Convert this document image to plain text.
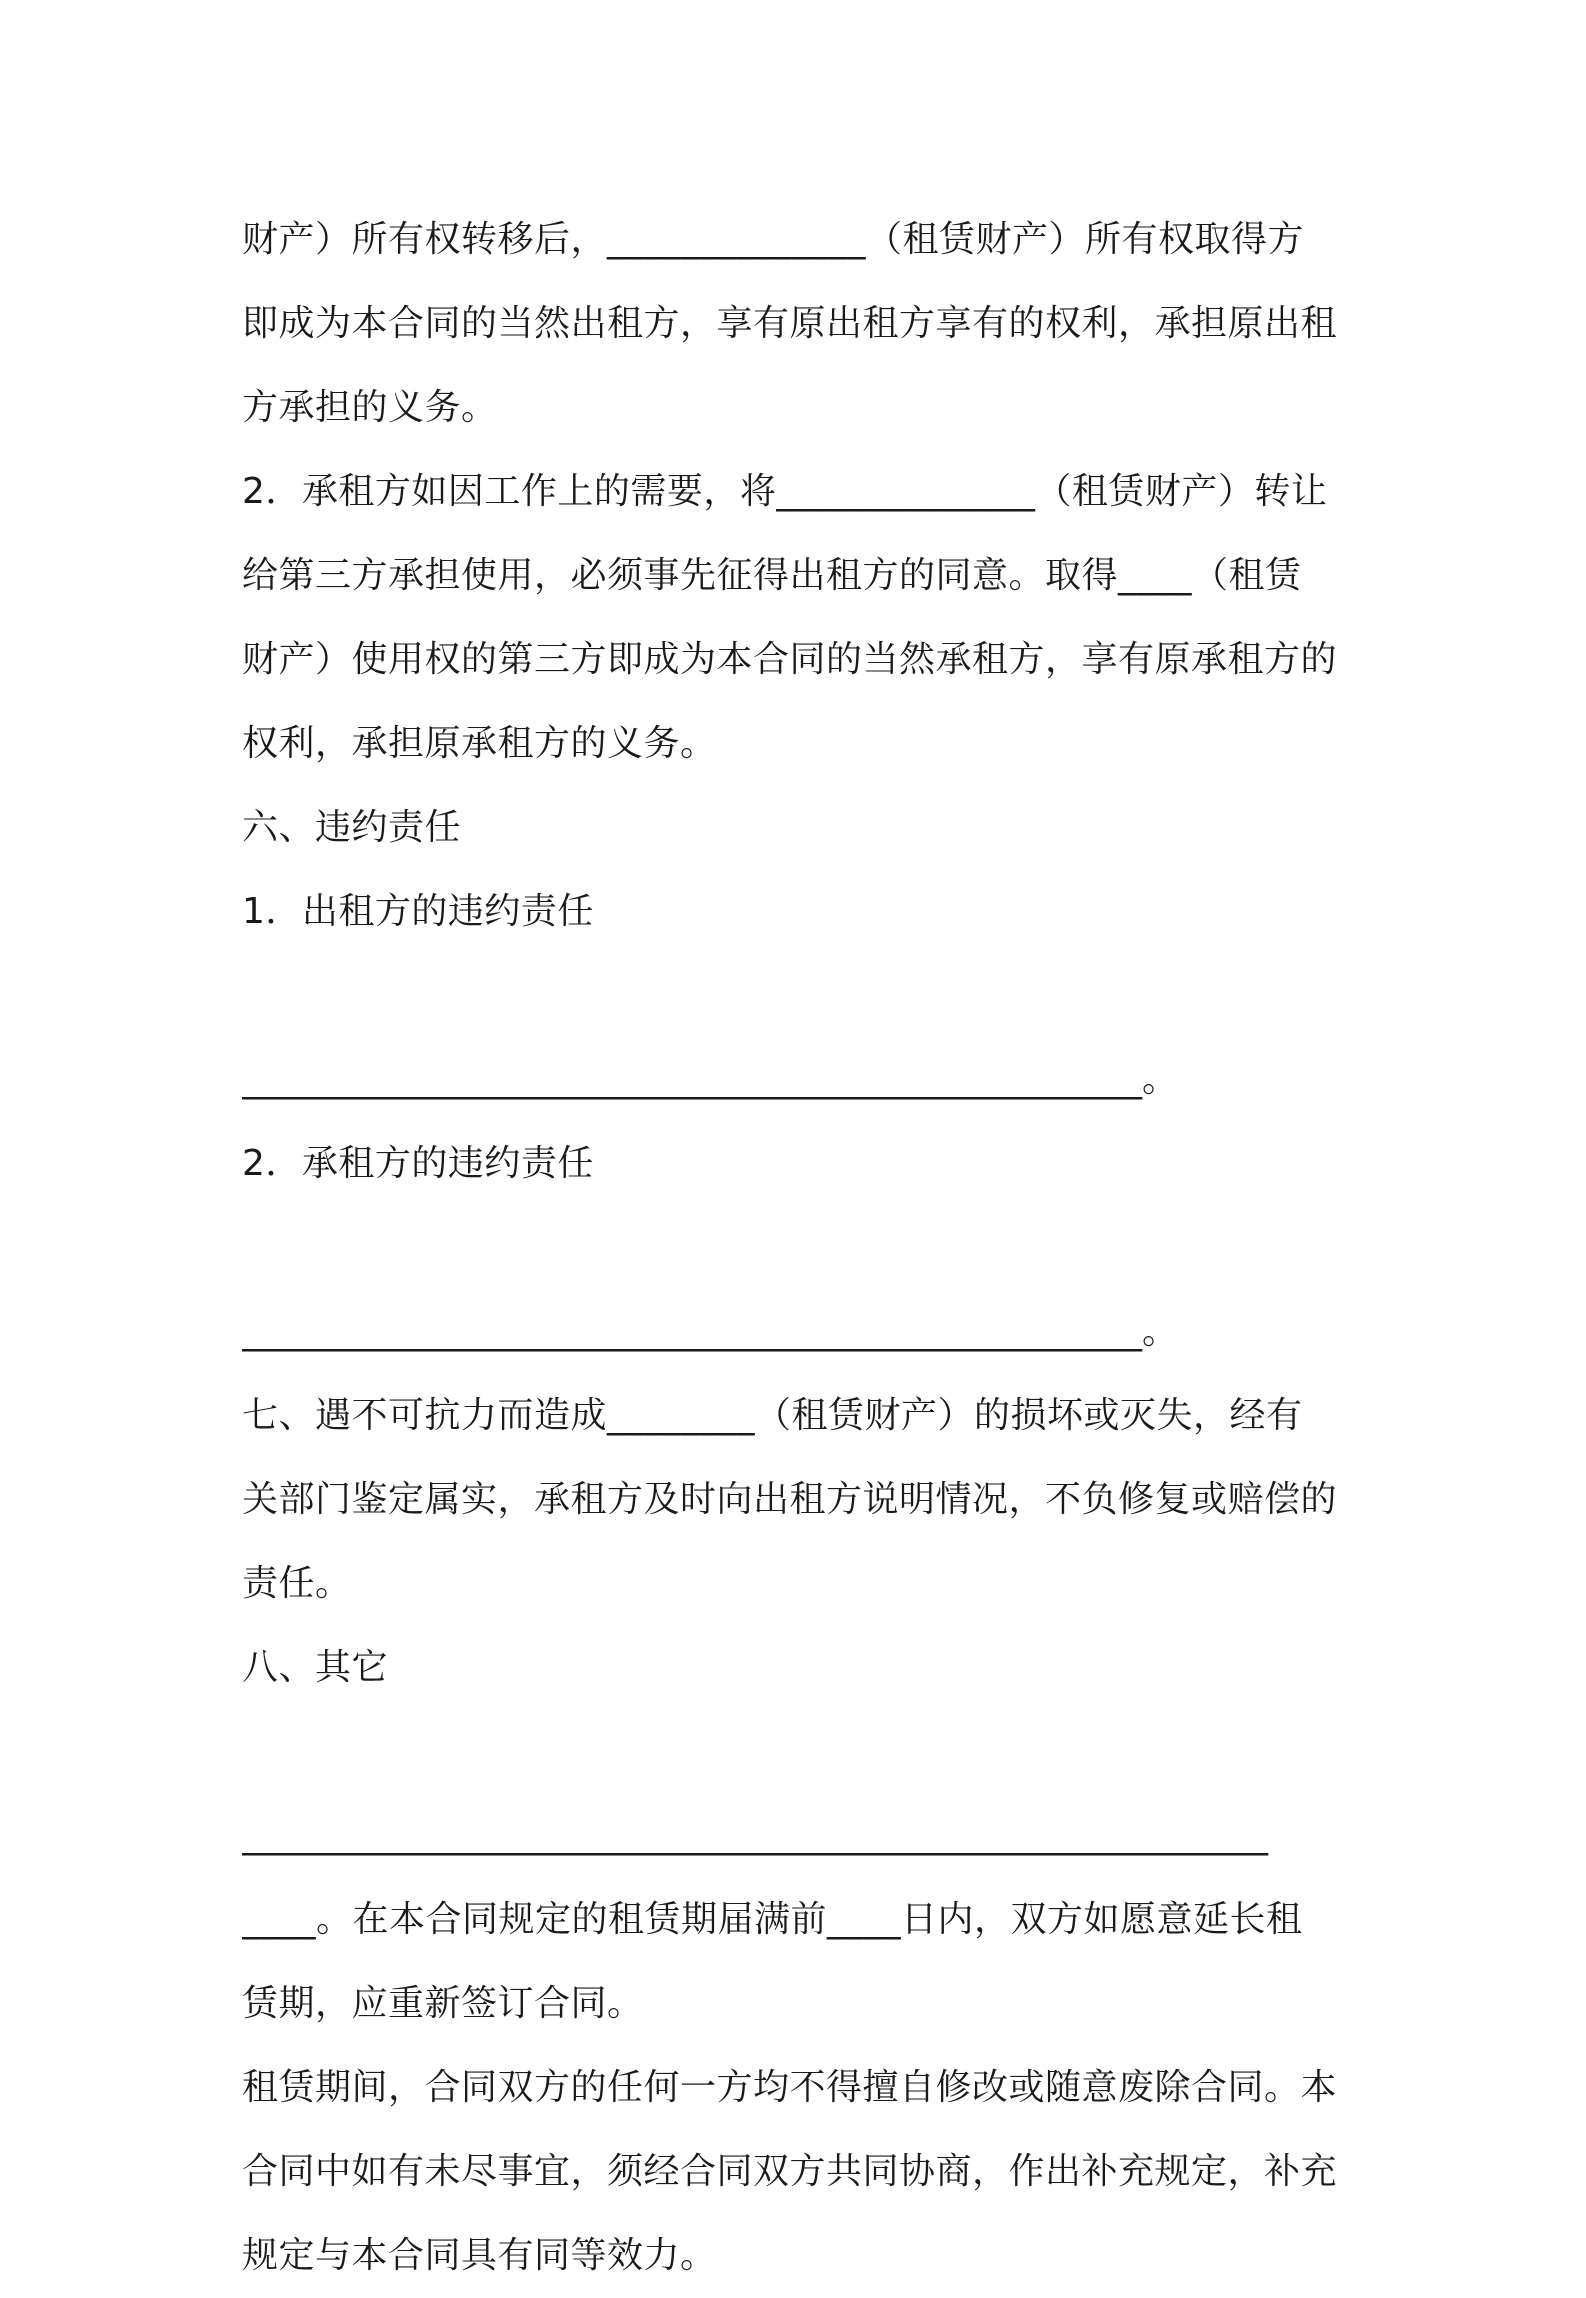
财产）所有权转移后，______________（租赁财产）所有权取得方
即成为本合同的当然出租方，享有原出租方享有的权利，承担原出租
方承担的义务。
2．承租方如因工作上的需要，将______________（租赁财产）转让
给第三方承担使用，必须事先征得出租方的同意。取得____（租赁
财产）使用权的第三方即成为本合同的当然承租方，享有原承租方的
权利，承担原承租方的义务。
六、违约责任
1．出租方的违约责任
__________________________________________________。
2．承租方的违约责任
__________________________________________________。
七、遇不可抗力而造成________（租赁财产）的损坏或灭失，经有
关部门鉴定属实，承租方及时向出租方说明情况，不负修复或赔偿的
责任。
八、其它
_________________________________________________________
____。在本合同规定的租赁期届满前____日内，双方如愿意延长租
赁期，应重新签订合同。
租赁期间，合同双方的任何一方均不得擅自修改或随意废除合同。本
合同中如有未尽事宜，须经合同双方共同协商，作出补充规定，补充
规定与本合同具有同等效力。
